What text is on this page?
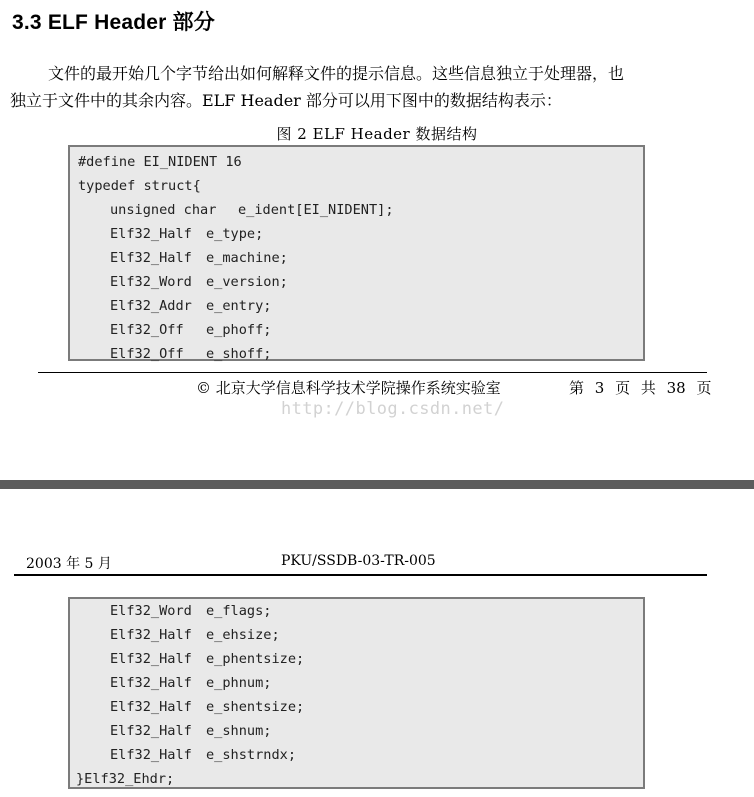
3.3 ELF Header 部分

文件的最开始几个字节给出如何解释文件的提示信息。这些信息独立于处理器，也
独立于文件中的其余内容。ELF Header 部分可以用下图中的数据结构表示：

图 2 ELF Header 数据结构
#define EI_NIDENT 16
typedef struct{
unsigned char e_ident[EI_NIDENT];
Elf32_Half e_type;
Elf32_Half e_machine;
Elf32_Word e_version;
Elf32_Addr e_entry;
Elf32_Off e_phoff;
Elf32_Off e_shoff;
© 北京大学信息科学技术学院操作系统实验室	第 3 页 共 38 页
http://blog.csdn.net/
2003 年 5 月	PKU/SSDB-03-TR-005
Elf32_Word e_flags;
Elf32_Half e_ehsize;
Elf32_Half e_phentsize;
Elf32_Half e_phnum;
Elf32_Half e_shentsize;
Elf32_Half e_shnum;
Elf32_Half e_shstrndx;
}Elf32_Ehdr;
